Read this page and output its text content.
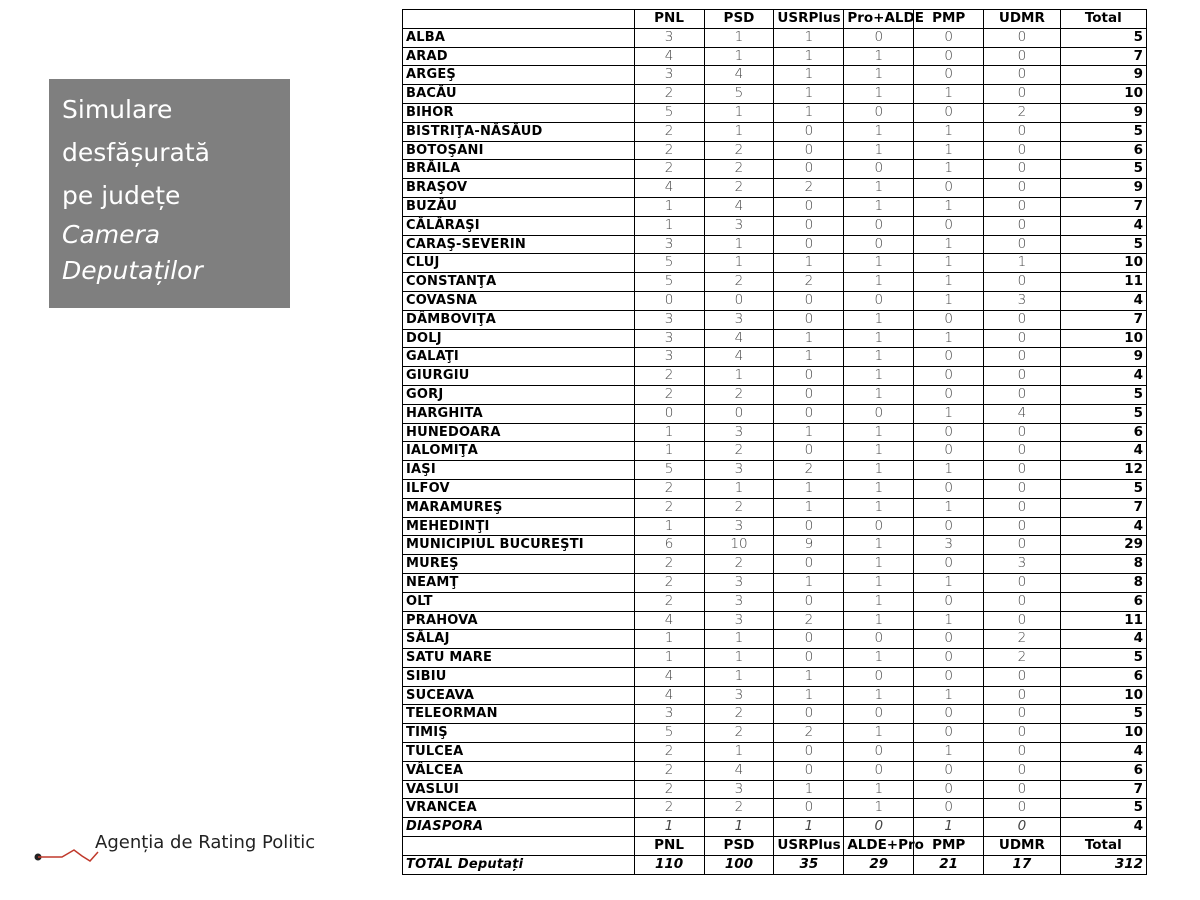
Simulare
desfășurată
pe județe
Camera
Deputaților
	PNL	PSD	USRPlus	Pro+ALDE	PMP	UDMR	Total
ALBA	3	1	1	0	0	0	5
ARAD	4	1	1	1	0	0	7
ARGEŞ	3	4	1	1	0	0	9
BACĂU	2	5	1	1	1	0	10
BIHOR	5	1	1	0	0	2	9
BISTRIŢA-NĂSĂUD	2	1	0	1	1	0	5
BOTOŞANI	2	2	0	1	1	0	6
BRĂILA	2	2	0	0	1	0	5
BRAŞOV	4	2	2	1	0	0	9
BUZĂU	1	4	0	1	1	0	7
CĂLĂRAŞI	1	3	0	0	0	0	4
CARAŞ-SEVERIN	3	1	0	0	1	0	5
CLUJ	5	1	1	1	1	1	10
CONSTANŢA	5	2	2	1	1	0	11
COVASNA	0	0	0	0	1	3	4
DÂMBOVIŢA	3	3	0	1	0	0	7
DOLJ	3	4	1	1	1	0	10
GALAŢI	3	4	1	1	0	0	9
GIURGIU	2	1	0	1	0	0	4
GORJ	2	2	0	1	0	0	5
HARGHITA	0	0	0	0	1	4	5
HUNEDOARA	1	3	1	1	0	0	6
IALOMIŢA	1	2	0	1	0	0	4
IAŞI	5	3	2	1	1	0	12
ILFOV	2	1	1	1	0	0	5
MARAMUREŞ	2	2	1	1	1	0	7
MEHEDINŢI	1	3	0	0	0	0	4
MUNICIPIUL BUCUREŞTI	6	10	9	1	3	0	29
MUREŞ	2	2	0	1	0	3	8
NEAMŢ	2	3	1	1	1	0	8
OLT	2	3	0	1	0	0	6
PRAHOVA	4	3	2	1	1	0	11
SĂLAJ	1	1	0	0	0	2	4
SATU MARE	1	1	0	1	0	2	5
SIBIU	4	1	1	0	0	0	6
SUCEAVA	4	3	1	1	1	0	10
TELEORMAN	3	2	0	0	0	0	5
TIMIŞ	5	2	2	1	0	0	10
TULCEA	2	1	0	0	1	0	4
VÂLCEA	2	4	0	0	0	0	6
VASLUI	2	3	1	1	0	0	7
VRANCEA	2	2	0	1	0	0	5
DIASPORA	1	1	1	0	1	0	4
	PNL	PSD	USRPlus	ALDE+Pro	PMP	UDMR	Total
TOTAL Deputați	110	100	35	29	21	17	312
Agenția de Rating Politic
